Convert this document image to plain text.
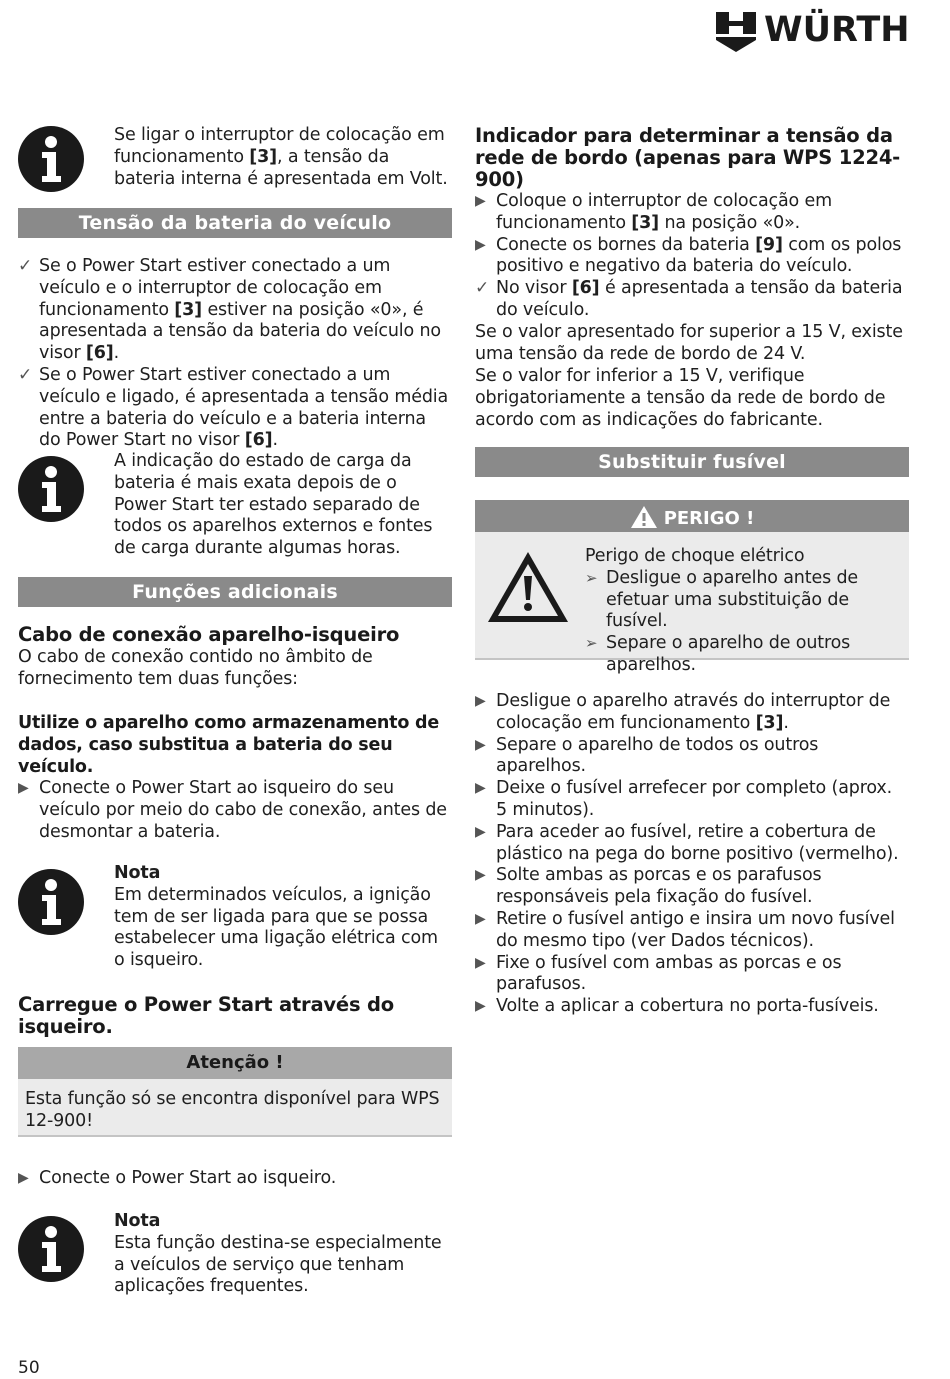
WÜRTH
Se ligar o interruptor de colocação em funcionamento [3], a tensão da bateria interna é apresentada em Volt.
Tensão da bateria do veículo
✓ Se o Power Start estiver conectado a um veículo e o interruptor de colocação em funcionamento [3] estiver na posição «0», é apresentada a tensão da bateria do veículo no visor [6].
✓ Se o Power Start estiver conectado a um veículo e ligado, é apresentada a tensão média entre a bateria do veículo e a bateria interna do Power Start no visor [6].
A indicação do estado de carga da bateria é mais exata depois de o Power Start ter estado separado de todos os aparelhos externos e fontes de carga durante algumas horas.
Funções adicionais
Cabo de conexão aparelho-isqueiro
O cabo de conexão contido no âmbito de fornecimento tem duas funções:
Utilize o aparelho como armazenamento de dados, caso substitua a bateria do seu veículo.
▶ Conecte o Power Start ao isqueiro do seu veículo por meio do cabo de conexão, antes de desmontar a bateria.
Nota
Em determinados veículos, a ignição tem de ser ligada para que se possa estabelecer uma ligação elétrica com o isqueiro.
Carregue o Power Start através do isqueiro.
Atenção !
Esta função só se encontra disponível para WPS 12-900!
▶ Conecte o Power Start ao isqueiro.
Nota
Esta função destina-se especialmente a veículos de serviço que tenham aplicações frequentes.
Indicador para determinar a tensão da rede de bordo (apenas para WPS 1224-900)
▶ Coloque o interruptor de colocação em funcionamento [3] na posição «0».
▶ Conecte os bornes da bateria [9] com os polos positivo e negativo da bateria do veículo.
✓ No visor [6] é apresentada a tensão da bateria do veículo.
Se o valor apresentado for superior a 15 V, existe uma tensão da rede de bordo de 24 V.
Se o valor for inferior a 15 V, verifique obrigatoriamente a tensão da rede de bordo de acordo com as indicações do fabricante.
Substituir fusível
PERIGO !
Perigo de choque elétrico
➢ Desligue o aparelho antes de efetuar uma substituição de fusível.
➢ Separe o aparelho de outros aparelhos.
▶ Desligue o aparelho através do interruptor de colocação em funcionamento [3].
▶ Separe o aparelho de todos os outros aparelhos.
▶ Deixe o fusível arrefecer por completo (aprox. 5 minutos).
▶ Para aceder ao fusível, retire a cobertura de plástico na pega do borne positivo (vermelho).
▶ Solte ambas as porcas e os parafusos responsáveis pela fixação do fusível.
▶ Retire o fusível antigo e insira um novo fusível do mesmo tipo (ver Dados técnicos).
▶ Fixe o fusível com ambas as porcas e os parafusos.
▶ Volte a aplicar a cobertura no porta-fusíveis.
50
